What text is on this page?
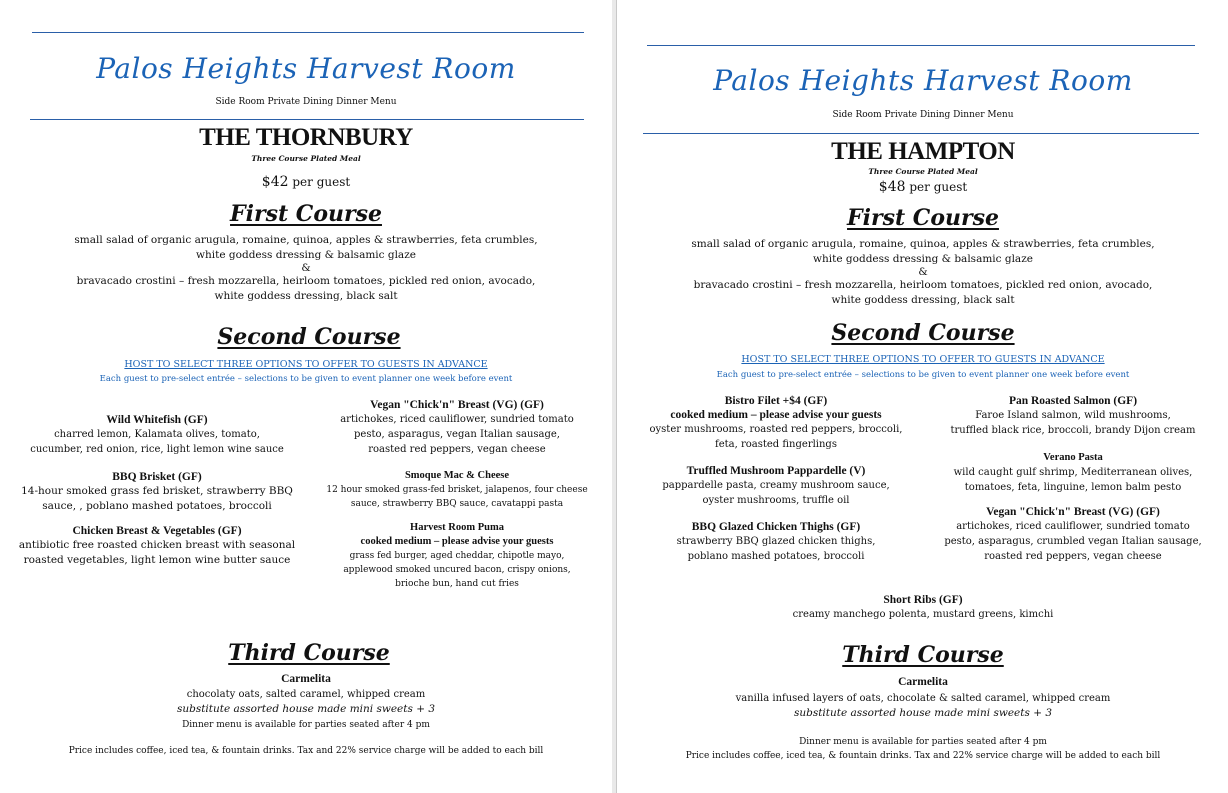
Palos Heights Harvest Room
Side Room Private Dining Dinner Menu
THE THORNBURY
Three Course Plated Meal
$42 per guest
First Course
small salad of organic arugula, romaine, quinoa, apples & strawberries, feta crumbles,
white goddess dressing & balsamic glaze
&
bravacado crostini – fresh mozzarella, heirloom tomatoes, pickled red onion, avocado,
white goddess dressing, black salt
Second Course
HOST TO SELECT THREE OPTIONS TO OFFER TO GUESTS IN ADVANCE
Each guest to pre-select entrée – selections to be given to event planner one week before event
Wild Whitefish (GF)
charred lemon, Kalamata olives, tomato,
cucumber, red onion, rice, light lemon wine sauce
BBQ Brisket (GF)
14-hour smoked grass fed brisket, strawberry BBQ
sauce, , poblano mashed potatoes, broccoli
Chicken Breast & Vegetables (GF)
antibiotic free roasted chicken breast with seasonal
roasted vegetables, light lemon wine butter sauce
Vegan "Chick'n" Breast (VG) (GF)
artichokes, riced cauliflower, sundried tomato
pesto, asparagus, vegan Italian sausage,
roasted red peppers, vegan cheese
Smoque Mac & Cheese
12 hour smoked grass-fed brisket, jalapenos, four cheese
sauce, strawberry BBQ sauce, cavatappi pasta
Harvest Room Puma
cooked medium – please advise your guests
grass fed burger, aged cheddar, chipotle mayo,
applewood smoked uncured bacon, crispy onions,
brioche bun, hand cut fries
Third Course
Carmelita
chocolaty oats, salted caramel, whipped cream
substitute assorted house made mini sweets + 3
Dinner menu is available for parties seated after 4 pm
Price includes coffee, iced tea, & fountain drinks. Tax and 22% service charge will be added to each bill
Palos Heights Harvest Room
Side Room Private Dining Dinner Menu
THE HAMPTON
Three Course Plated Meal
$48 per guest
First Course
small salad of organic arugula, romaine, quinoa, apples & strawberries, feta crumbles,
white goddess dressing & balsamic glaze
&
bravacado crostini – fresh mozzarella, heirloom tomatoes, pickled red onion, avocado,
white goddess dressing, black salt
Second Course
HOST TO SELECT THREE OPTIONS TO OFFER TO GUESTS IN ADVANCE
Each guest to pre-select entrée – selections to be given to event planner one week before event
Bistro Filet +$4 (GF)
cooked medium – please advise your guests
oyster mushrooms, roasted red peppers, broccoli,
feta, roasted fingerlings
Truffled Mushroom Pappardelle (V)
pappardelle pasta, creamy mushroom sauce,
oyster mushrooms, truffle oil
BBQ Glazed Chicken Thighs (GF)
strawberry BBQ glazed chicken thighs,
poblano mashed potatoes, broccoli
Pan Roasted Salmon (GF)
Faroe Island salmon, wild mushrooms,
truffled black rice, broccoli, brandy Dijon cream
Verano Pasta
wild caught gulf shrimp, Mediterranean olives,
tomatoes, feta, linguine, lemon balm pesto
Vegan "Chick'n" Breast (VG) (GF)
artichokes, riced cauliflower, sundried tomato
pesto, asparagus, crumbled vegan Italian sausage,
roasted red peppers, vegan cheese
Short Ribs (GF)
creamy manchego polenta, mustard greens, kimchi
Third Course
Carmelita
vanilla infused layers of oats, chocolate & salted caramel, whipped cream
substitute assorted house made mini sweets + 3
Dinner menu is available for parties seated after 4 pm
Price includes coffee, iced tea, & fountain drinks. Tax and 22% service charge will be added to each bill
